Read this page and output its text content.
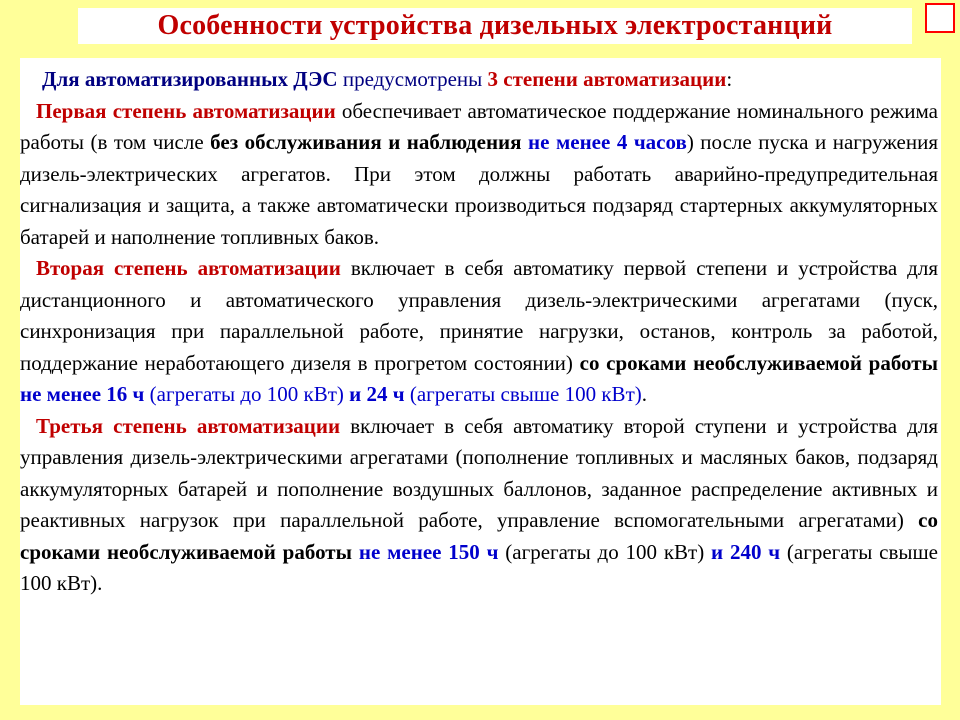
Особенности устройства дизельных электростанций

Для автоматизированных ДЭС предусмотрены 3 степени автоматизации:

Первая степень автоматизации обеспечивает автоматическое поддержание номинального режима работы (в том числе без обслуживания и наблюдения не менее 4 часов) после пуска и нагружения дизель-электрических агрегатов. При этом должны работать аварийно-предупредительная сигнализация и защита, а также автоматически производиться подзаряд стартерных аккумуляторных батарей и наполнение топливных баков.

Вторая степень автоматизации включает в себя автоматику первой степени и устройства для дистанционного и автоматического управления дизель-электрическими агрегатами (пуск, синхронизация при параллельной работе, принятие нагрузки, останов, контроль за работой, поддержание неработающего дизеля в прогретом состоянии) со сроками необслуживаемой работы не менее 16 ч (агрегаты до 100 кВт) и 24 ч (агрегаты свыше 100 кВт).

Третья степень автоматизации включает в себя автоматику второй ступени и устройства для управления дизель-электрическими агрегатами (пополнение топливных и масляных баков, подзаряд аккумуляторных батарей и пополнение воздушных баллонов, заданное распределение активных и реактивных нагрузок при параллельной работе, управление вспомогательными агрегатами) со сроками необслуживаемой работы не менее 150 ч (агрегаты до 100 кВт) и 240 ч (агрегаты свыше 100 кВт).
